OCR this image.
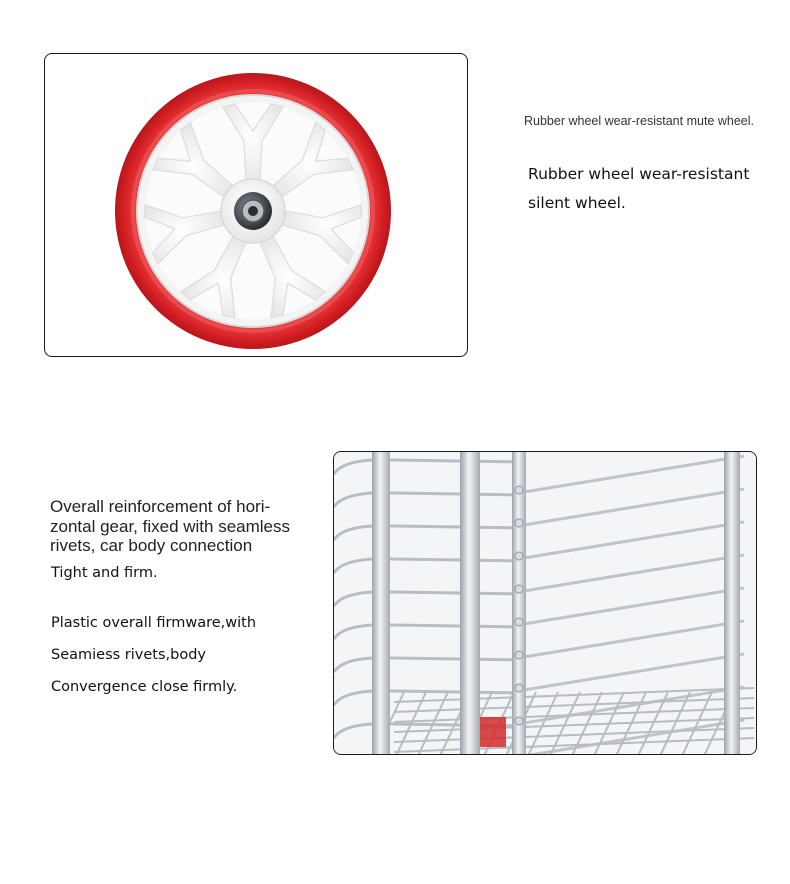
Rubber wheel wear-resistant mute wheel.

Rubber wheel wear-resistant
silent wheel.
Overall reinforcement of hori-
zontal gear, fixed with seamless
rivets, car body connection

Tight and firm.

Plastic overall firmware,with

Seamiess rivets,body

Convergence close firmly.
